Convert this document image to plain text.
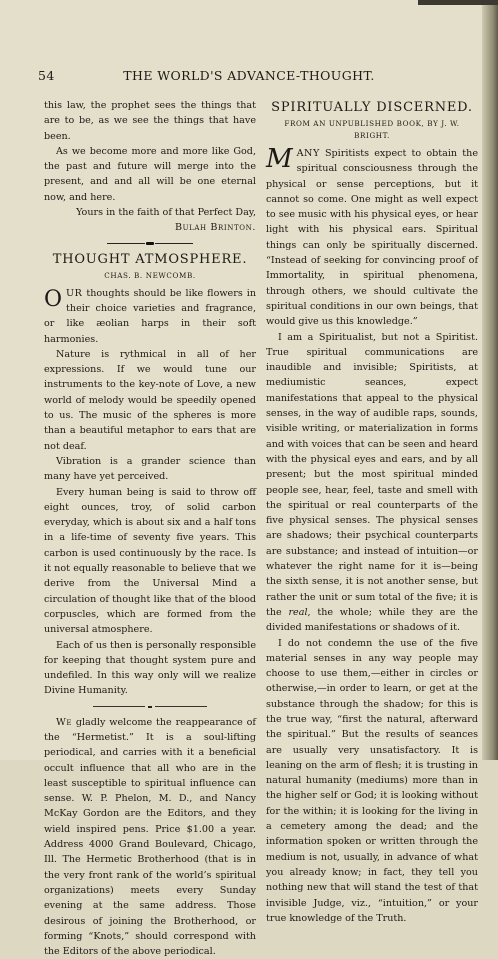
54	THE WORLD'S ADVANCE-THOUGHT.

this law, the prophet sees the things that are to be, as we see the things that have been.

As we become more and more like God, the past and future will merge into the present, and and all will be one eternal now, and here.

Yours in the faith of that Perfect Day,

Bulah Brinton.

THOUGHT ATMOSPHERE.
CHAS. B. NEWCOMB.

OUR thoughts should be like flowers in their choice varieties and fragrance, or like æolian harps in their soft harmonies.

Nature is rythmical in all of her expressions. If we would tune our instruments to the key-note of Love, a new world of melody would be speedily opened to us. The music of the spheres is more than a beautiful metaphor to ears that are not deaf.

Vibration is a grander science than many have yet perceived.

Every human being is said to throw off eight ounces, troy, of solid carbon everyday, which is about six and a half tons in a life-time of seventy five years. This carbon is used continuously by the race. Is it not equally reasonable to believe that we derive from the Universal Mind a circulation of thought like that of the blood corpuscles, which are formed from the universal atmosphere.

Each of us then is personally responsible for keeping that thought system pure and undefiled. In this way only will we realize Divine Humanity.

We gladly welcome the reappearance of the “Hermetist.” It is a soul-lifting periodical, and carries with it a beneficial occult influence that all who are in the least susceptible to spiritual influence can sense. W. P. Phelon, M. D., and Nancy McKay Gordon are the Editors, and they wield inspired pens. Price $1.00 a year. Address 4000 Grand Boulevard, Chicago, Ill. The Hermetic Brotherhood (that is in the very front rank of the world’s spiritual organizations) meets every Sunday evening at the same address. Those desirous of joining the Brotherhood, or forming “Knots,” should correspond with the Editors of the above periodical.

SPIRITUALLY DISCERNED.
FROM AN UNPUBLISHED BOOK, BY J. W. BRIGHT.

MANY Spiritists expect to obtain the spiritual consciousness through the physical or sense perceptions, but it cannot so come. One might as well expect to see music with his physical eyes, or hear light with his physical ears. Spiritual things can only be spiritually discerned. “Instead of seeking for convincing proof of Immortality, in spiritual phenomena, through others, we should cultivate the spiritual conditions in our own beings, that would give us this knowledge.”

I am a Spiritualist, but not a Spiritist. True spiritual communications are inaudible and invisible; Spiritists, at mediumistic seances, expect manifestations that appeal to the physical senses, in the way of audible raps, sounds, visible writing, or materialization in forms and with voices that can be seen and heard with the physical eyes and ears, and by all present; but the most spiritual minded people see, hear, feel, taste and smell with the spiritual or real counterparts of the five physical senses. The physical senses are shadows; their psychical counterparts are substance; and instead of intuition—or whatever the right name for it is—being the sixth sense, it is not another sense, but rather the unit or sum total of the five; it is the real, the whole; while they are the divided manifestations or shadows of it.

I do not condemn the use of the five material senses in any way people may choose to use them,—either in circles or otherwise,—in order to learn, or get at the substance through the shadow; for this is the true way, “first the natural, afterward the spiritual.” But the results of seances are usually very unsatisfactory. It is leaning on the arm of flesh; it is trusting in natural humanity (mediums) more than in the higher self or God; it is looking without for the within; it is looking for the living in a cemetery among the dead; and the information spoken or written through the medium is not, usually, in advance of what you already know; in fact, they tell you nothing new that will stand the test of that invisible Judge, viz., “intuition,” or your true knowledge of the Truth.
